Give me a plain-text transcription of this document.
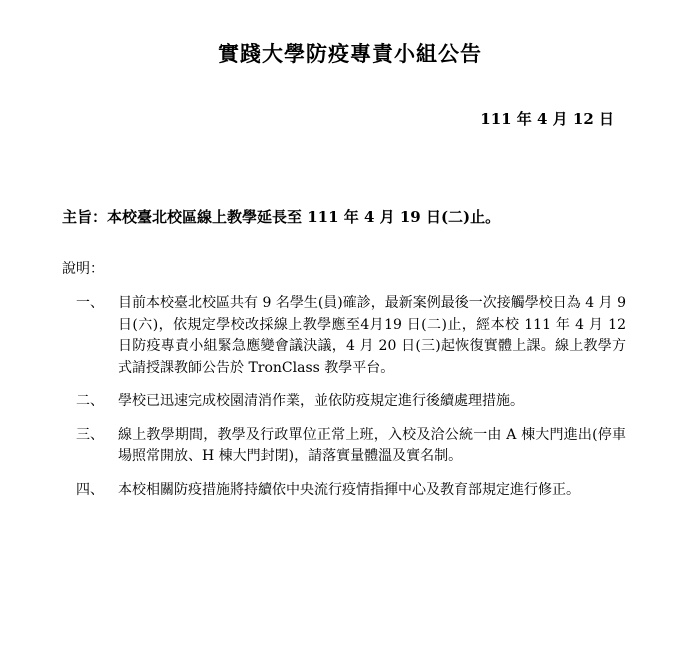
實踐大學防疫專責小組公告
111 年 4 月 12 日
主旨：本校臺北校區線上教學延長至 111 年 4 月 19 日(二)止。
說明：
一、	目前本校臺北校區共有 9 名學生(員)確診，最新案例最後一次接觸學校日為 4 月 9 日(六)，依規定學校改採線上教學應至4月19 日(二)止，經本校 111 年 4 月 12 日防疫專責小組緊急應變會議決議，4 月 20 日(三)起恢復實體上課。線上教學方式請授課教師公告於 TronClass 教學平台。
二、	學校已迅速完成校園清消作業，並依防疫規定進行後續處理措施。
三、	線上教學期間，教學及行政單位正常上班，入校及洽公統一由 A 棟大門進出(停車場照常開放、H 棟大門封閉)，請落實量體溫及實名制。
四、	本校相關防疫措施將持續依中央流行疫情指揮中心及教育部規定進行修正。
